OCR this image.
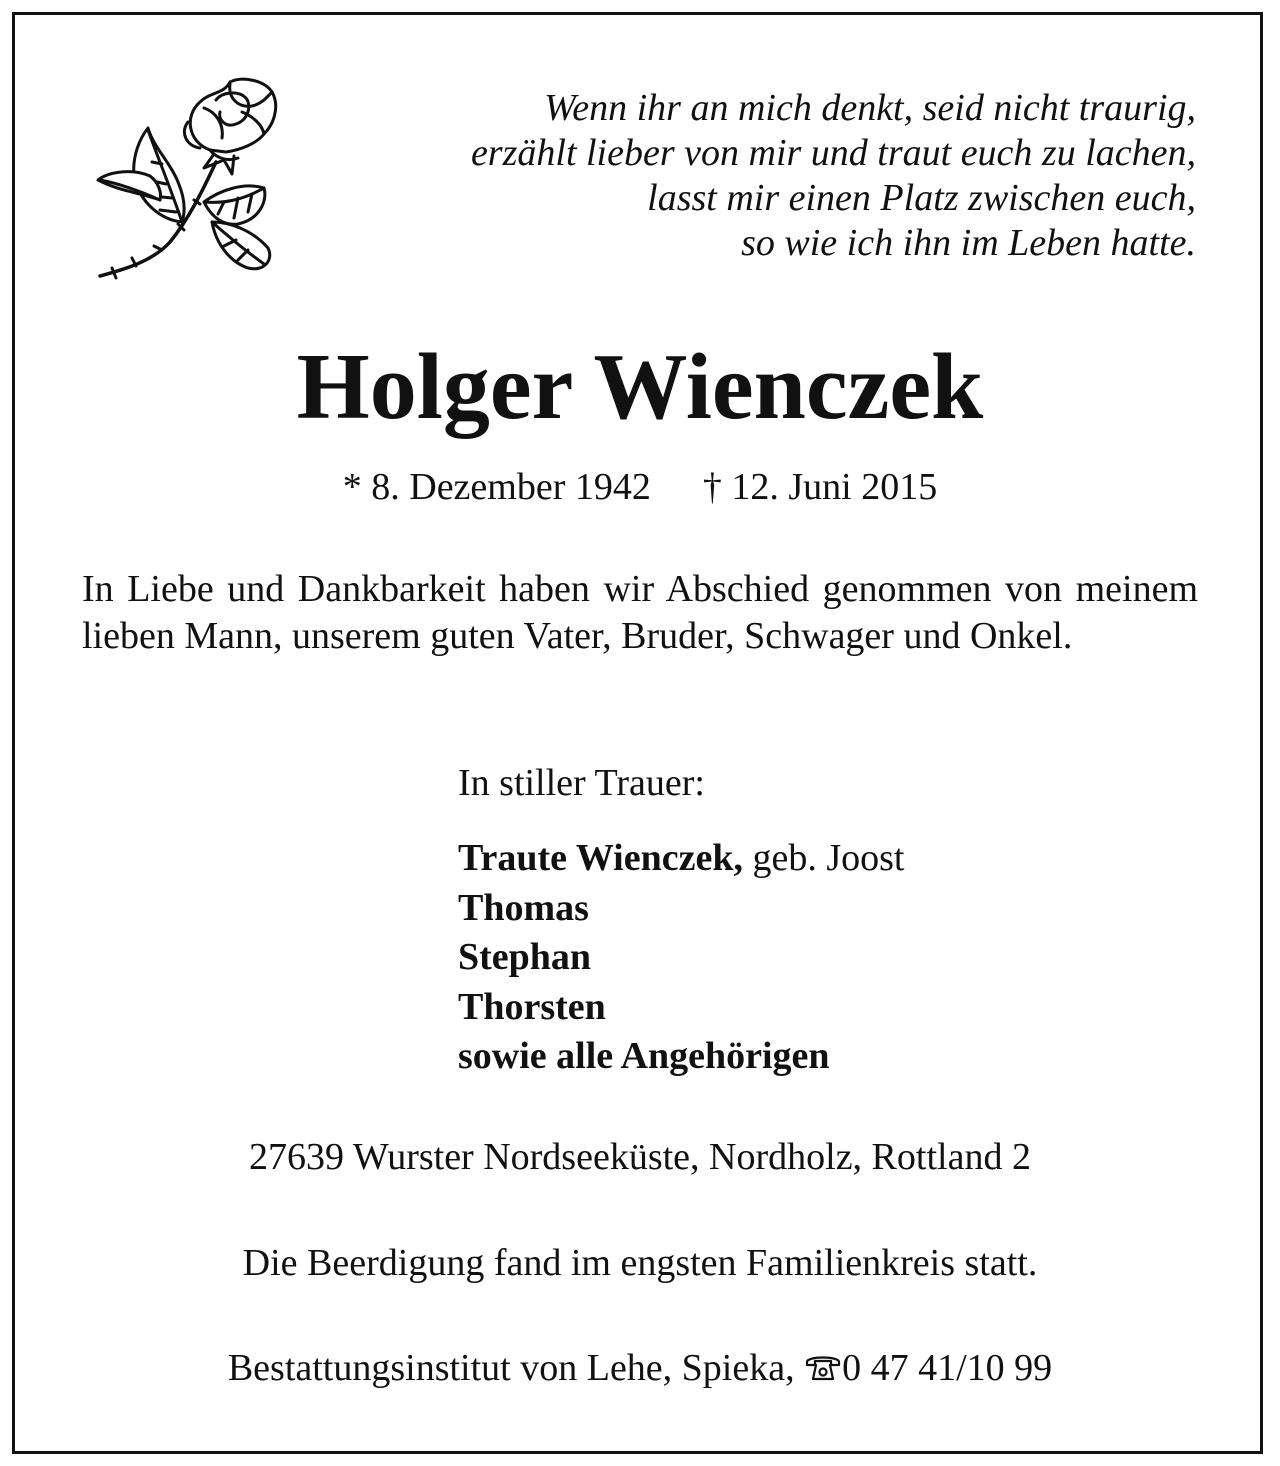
Wenn ihr an mich denkt, seid nicht traurig,
erzählt lieber von mir und traut euch zu lachen,
lasst mir einen Platz zwischen euch,
so wie ich ihn im Leben hatte.
Holger Wienczek
* 8. Dezember 1942 † 12. Juni 2015
In Liebe und Dankbarkeit haben wir Abschied genommen von meinem lieben Mann, unserem guten Vater, Bruder, Schwager und Onkel.
In stiller Trauer:
Traute Wienczek, geb. Joost
Thomas
Stephan
Thorsten
sowie alle Angehörigen
27639 Wurster Nordseeküste, Nordholz, Rottland 2
Die Beerdigung fand im engsten Familienkreis statt.
Bestattungsinstitut von Lehe, Spieka, 0 47 41/10 99
